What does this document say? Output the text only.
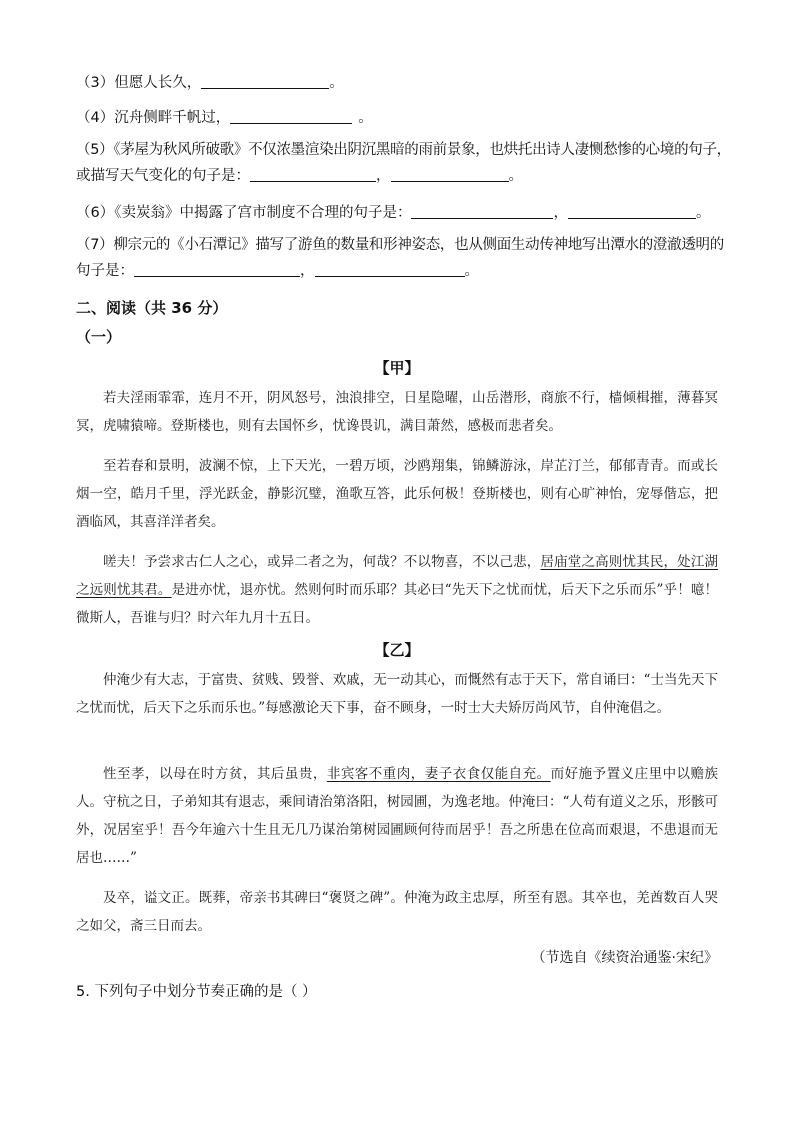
（3）但愿人长久，	。
（4）沉舟侧畔千帆过，	。
（5）《茅屋为秋风所破歌》不仅浓墨渲染出阴沉黑暗的雨前景象，也烘托出诗人凄恻愁惨的心境的句子，
或描写天气变化的句子是：	，	。
（6）《卖炭翁》中揭露了宫市制度不合理的句子是：	，	。
（7）柳宗元的《小石潭记》描写了游鱼的数量和形神姿态，也从侧面生动传神地写出潭水的澄澈透明的
句子是：	，	。
二、阅读（共 36 分）
（一）
【甲】
若夫淫雨霏霏，连月不开，阴风怒号，浊浪排空，日星隐曜，山岳潜形，商旅不行，樯倾楫摧，薄暮冥冥，虎啸猿啼。登斯楼也，则有去国怀乡，忧谗畏讥，满目萧然，感极而悲者矣。
至若春和景明，波澜不惊，上下天光，一碧万顷，沙鸥翔集，锦鳞游泳，岸芷汀兰，郁郁青青。而或长烟一空，皓月千里，浮光跃金，静影沉璧，渔歌互答，此乐何极！登斯楼也，则有心旷神怡，宠辱偕忘，把酒临风，其喜洋洋者矣。
嗟夫！予尝求古仁人之心，或异二者之为，何哉？不以物喜，不以己悲，居庙堂之高则忧其民，处江湖之远则忧其君。是进亦忧，退亦忧。然则何时而乐耶？其必曰“先天下之忧而忧，后天下之乐而乐”乎！噫！微斯人，吾谁与归？时六年九月十五日。
【乙】
仲淹少有大志，于富贵、贫贱、毁誉、欢戚，无一动其心，而慨然有志于天下，常自诵曰：“士当先天下之忧而忧，后天下之乐而乐也。”每感激论天下事，奋不顾身，一时士大夫矫厉尚风节，自仲淹倡之。
性至孝，以母在时方贫，其后虽贵，非宾客不重肉，妻子衣食仅能自充。而好施予置义庄里中以赡族人。守杭之日，子弟知其有退志，乘间请治第洛阳，树园圃，为逸老地。仲淹曰：“人苟有道义之乐，形骸可外，况居室乎！吾今年逾六十生且无几乃谋治第树园圃顾何待而居乎！吾之所患在位高而艰退，不患退而无居也……”
及卒，谥文正。既葬，帝亲书其碑曰“褒贤之碑”。仲淹为政主忠厚，所至有恩。其卒也，羌酋数百人哭之如父，斋三日而去。
（节选自《续资治通鉴·宋纪》
5. 下列句子中划分节奏正确的是（ ）
